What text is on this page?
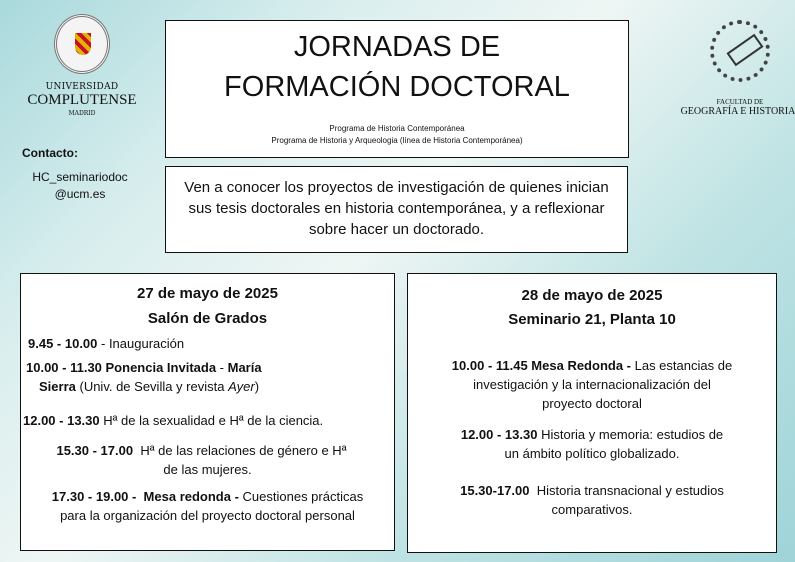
UNIVERSIDAD
COMPLUTENSE
MADRID
Contacto:
HC_seminariodoc
@ucm.es
FACULTAD DE
GEOGRAFÍA E HISTORIA
JORNADAS DE
FORMACIÓN DOCTORAL
Programa de Historia Contemporánea
Programa de Historia y Arqueologia (línea de Historia Contemporánea)
Ven a conocer los proyectos de investigación de quienes inician
sus tesis doctorales en historia contemporánea, y a reflexionar
sobre hacer un doctorado.
27 de mayo de 2025
Salón de Grados
9.45 - 10.00 - Inauguración
10.00 - 11.30 Ponencia Invitada - María
Sierra (Univ. de Sevilla y revista Ayer)
12.00 - 13.30 Hª de la sexualidad e Hª de la ciencia.
15.30 - 17.00  Hª de las relaciones de género e Hª
de las mujeres.
17.30 - 19.00 -  Mesa redonda - Cuestiones prácticas
para la organización del proyecto doctoral personal
28 de mayo de 2025
Seminario 21, Planta 10
10.00 - 11.45 Mesa Redonda - Las estancias de
investigación y la internacionalización del
proyecto doctoral
12.00 - 13.30 Historia y memoria: estudios de
un ámbito político globalizado.
15.30-17.00  Historia transnacional y estudios
comparativos.
